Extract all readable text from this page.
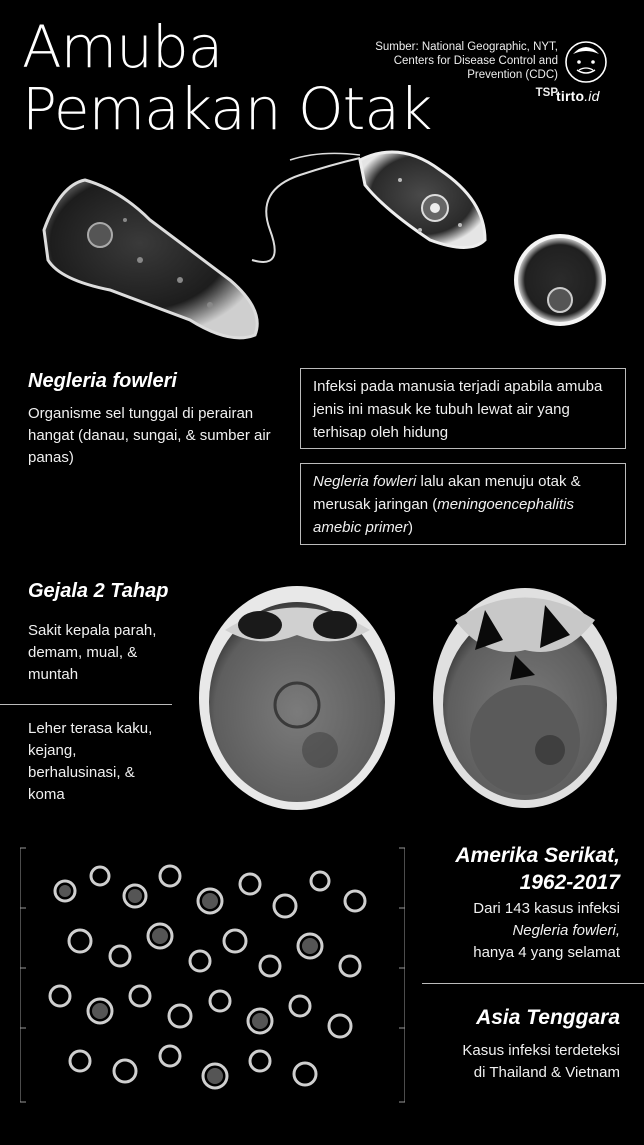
Amuba
Pemakan Otak
Sumber: National Geographic, NYT,
Centers for Disease Control and
Prevention (CDC)
TSP
tirto.id
Negleria fowleri
Organisme sel tunggal di perairan hangat (danau, sungai, & sumber air panas)
Infeksi pada manusia terjadi apabila amuba jenis ini masuk ke tubuh lewat air yang terhisap oleh hidung
Negleria fowleri lalu akan menuju otak & merusak jaringan (meningoencephalitis amebic primer)
Gejala 2 Tahap
Sakit kepala parah, demam, mual, & muntah
Leher terasa kaku, kejang, berhalusinasi, & koma
Amerika Serikat,
1962-2017
Dari 143 kasus infeksi
Negleria fowleri,
hanya 4 yang selamat
Asia Tenggara
Kasus infeksi terdeteksi
di Thailand & Vietnam
